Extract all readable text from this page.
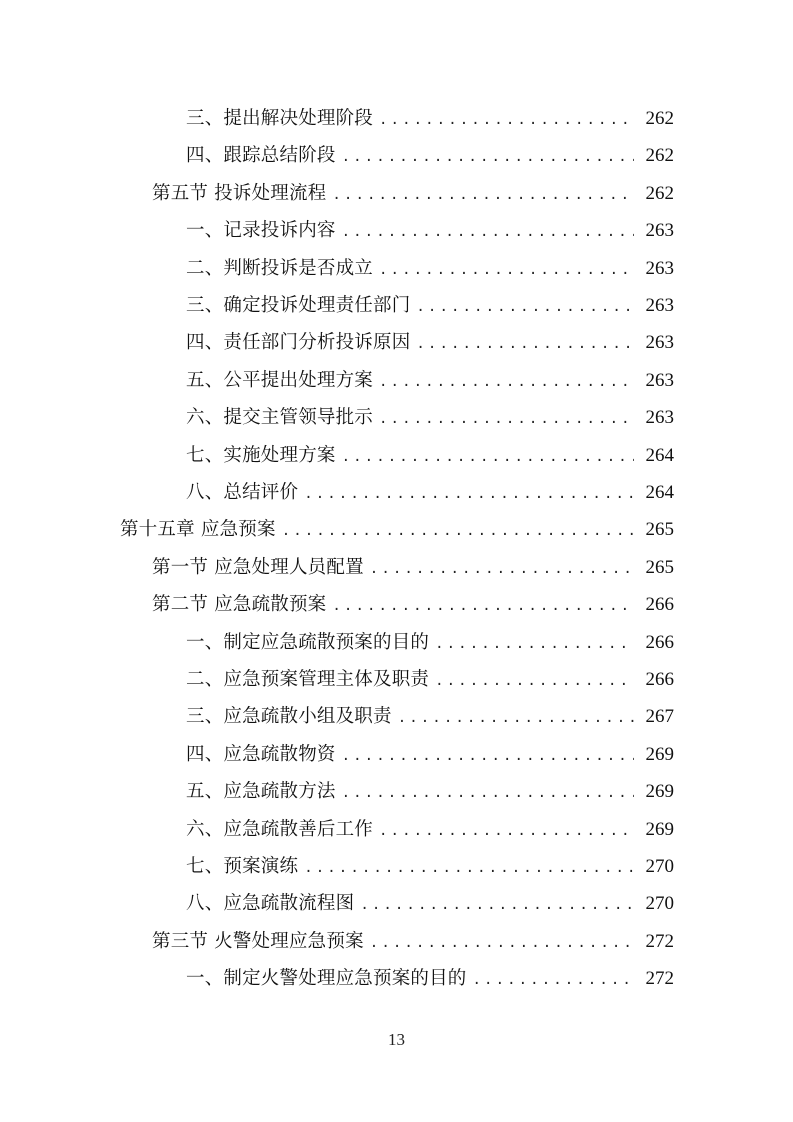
三、提出解决处理阶段 .....	262
四、跟踪总结阶段 .....	262
第五节 投诉处理流程 .....	262
一、记录投诉内容 .....	263
二、判断投诉是否成立 .....	263
三、确定投诉处理责任部门 .....	263
四、责任部门分析投诉原因 .....	263
五、公平提出处理方案 .....	263
六、提交主管领导批示 .....	263
七、实施处理方案 .....	264
八、总结评价 .....	264
第十五章 应急预案 .....	265
第一节 应急处理人员配置 .....	265
第二节 应急疏散预案 .....	266
一、制定应急疏散预案的目的 .....	266
二、应急预案管理主体及职责 .....	266
三、应急疏散小组及职责 .....	267
四、应急疏散物资 .....	269
五、应急疏散方法 .....	269
六、应急疏散善后工作 .....	269
七、预案演练 .....	270
八、应急疏散流程图 .....	270
第三节 火警处理应急预案 .....	272
一、制定火警处理应急预案的目的 .....	272
13
